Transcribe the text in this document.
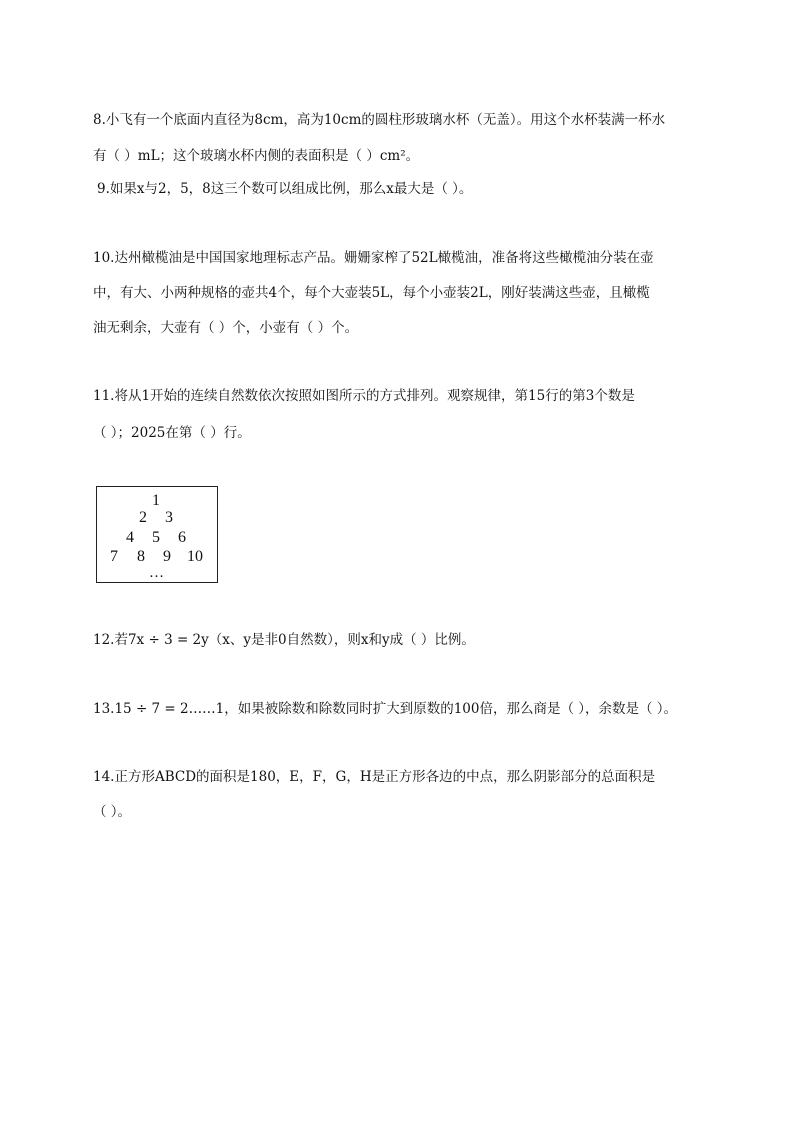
8.小飞有一个底面内直径为8cm，高为10cm的圆柱形玻璃水杯（无盖）。用这个水杯装满一杯水
有（ ）mL；这个玻璃水杯内侧的表面积是（ ）cm²。
9.如果x与2，5，8这三个数可以组成比例，那么x最大是（ ）。
10.达州橄榄油是中国国家地理标志产品。姗姗家榨了52L橄榄油，准备将这些橄榄油分装在壶
中，有大、小两种规格的壶共4个，每个大壶装5L，每个小壶装2L，刚好装满这些壶，且橄榄
油无剩余，大壶有（ ）个，小壶有（ ）个。
11.将从1开始的连续自然数依次按照如图所示的方式排列。观察规律，第15行的第3个数是
（ ）；2025在第（ ）行。
1
2 3
4 5 6
7 8 9 10
…
12.若7x ÷ 3 = 2y（x、y是非0自然数），则x和y成（ ）比例。
13.15 ÷ 7 = 2……1，如果被除数和除数同时扩大到原数的100倍，那么商是（ ），余数是（ ）。
14.正方形ABCD的面积是180，E，F，G，H是正方形各边的中点，那么阴影部分的总面积是
（ ）。
